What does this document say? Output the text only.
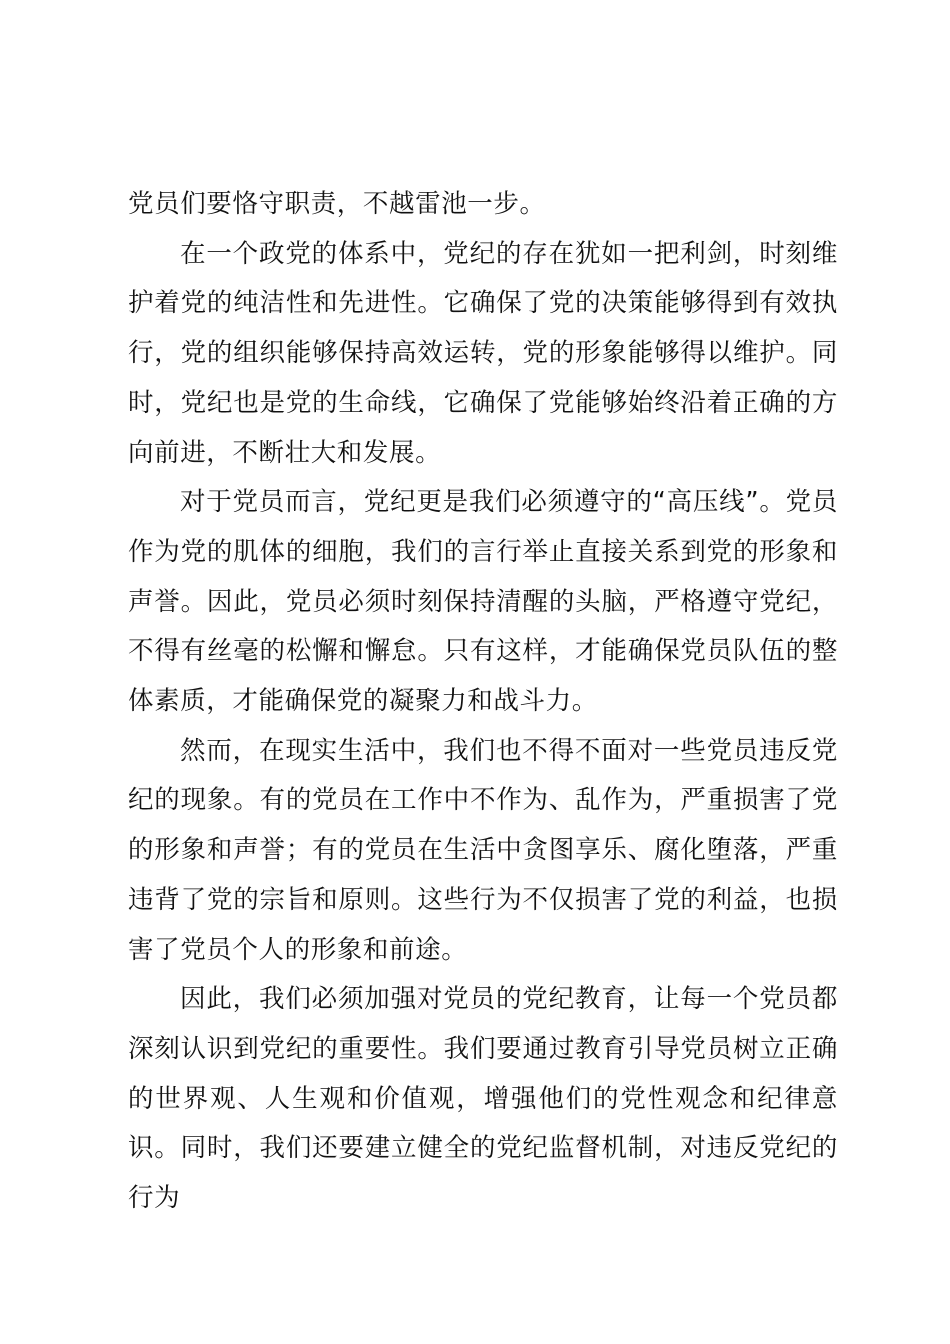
党员们要恪守职责，不越雷池一步。

在一个政党的体系中，党纪的存在犹如一把利剑，时刻维护着党的纯洁性和先进性。它确保了党的决策能够得到有效执行，党的组织能够保持高效运转，党的形象能够得以维护。同时，党纪也是党的生命线，它确保了党能够始终沿着正确的方向前进，不断壮大和发展。

对于党员而言，党纪更是我们必须遵守的“高压线”。党员作为党的肌体的细胞，我们的言行举止直接关系到党的形象和声誉。因此，党员必须时刻保持清醒的头脑，严格遵守党纪，不得有丝毫的松懈和懈怠。只有这样，才能确保党员队伍的整体素质，才能确保党的凝聚力和战斗力。

然而，在现实生活中，我们也不得不面对一些党员违反党纪的现象。有的党员在工作中不作为、乱作为，严重损害了党的形象和声誉；有的党员在生活中贪图享乐、腐化堕落，严重违背了党的宗旨和原则。这些行为不仅损害了党的利益，也损害了党员个人的形象和前途。

因此，我们必须加强对党员的党纪教育，让每一个党员都深刻认识到党纪的重要性。我们要通过教育引导党员树立正确的世界观、人生观和价值观，增强他们的党性观念和纪律意识。同时，我们还要建立健全的党纪监督机制，对违反党纪的行为
